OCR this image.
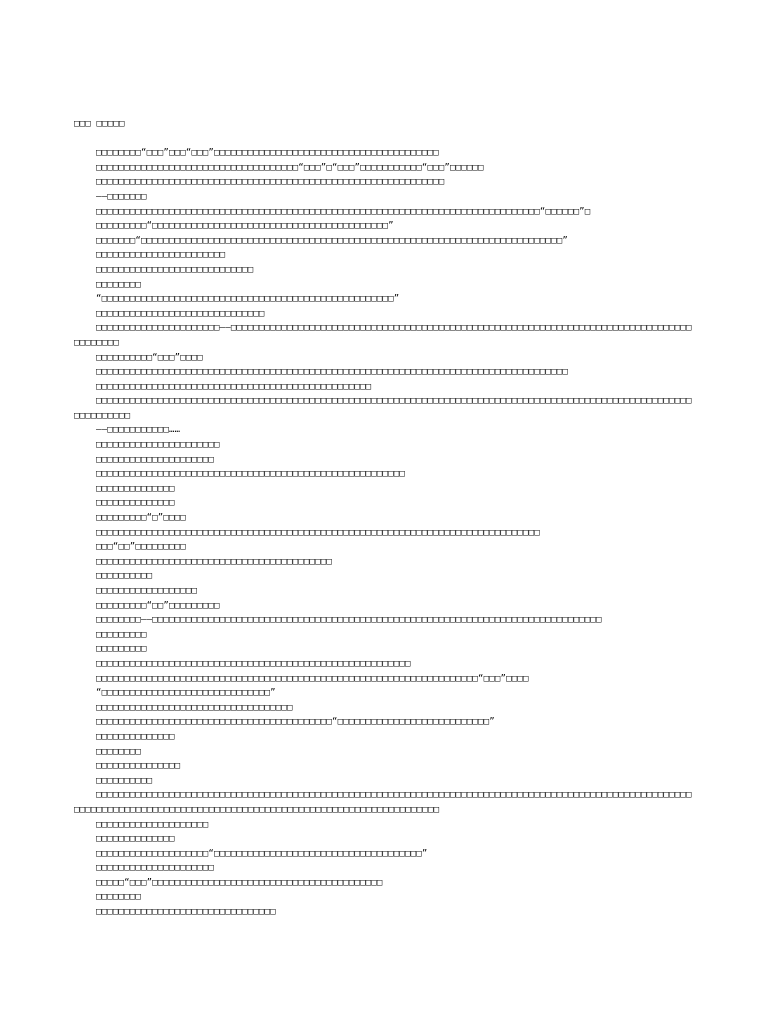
□□□ □□□□□
□□□□□□□□“□□□”□□□“□□□”□□□□□□□□□□□□□□□□□□□□□□□□□□□□□□□□□□□□□□□□
□□□□□□□□□□□□□□□□□□□□□□□□□□□□□□□□□□□□“□□□”□“□□□”□□□□□□□□□□□“□□□”□□□□□□
□□□□□□□□□□□□□□□□□□□□□□□□□□□□□□□□□□□□□□□□□□□□□□□□□□□□□□□□□□□□□□
——□□□□□□□
□□□□□□□□□□□□□□□□□□□□□□□□□□□□□□□□□□□□□□□□□□□□□□□□□□□□□□□□□□□□□□□□□□□□□□□□□□□□□□□“□□□□□□”□
□□□□□□□□□“□□□□□□□□□□□□□□□□□□□□□□□□□□□□□□□□□□□□□□□□□□”
□□□□□□□“□□□□□□□□□□□□□□□□□□□□□□□□□□□□□□□□□□□□□□□□□□□□□□□□□□□□□□□□□□□□□□□□□□□□□□□□□□□”
□□□□□□□□□□□□□□□□□□□□□□□
□□□□□□□□□□□□□□□□□□□□□□□□□□□□
□□□□□□□□
“□□□□□□□□□□□□□□□□□□□□□□□□□□□□□□□□□□□□□□□□□□□□□□□□□□□□”
□□□□□□□□□□□□□□□□□□□□□□□□□□□□□□
□□□□□□□□□□□□□□□□□□□□□□——□□□□□□□□□□□□□□□□□□□□□□□□□□□□□□□□□□□□□□□□□□□□□□□□□□□□□□□□□□□□□□□□□□□□□□□□□□□□□□□□□□□□□□□□□□
□□□□□□□□□□“□□□”□□□□
□□□□□□□□□□□□□□□□□□□□□□□□□□□□□□□□□□□□□□□□□□□□□□□□□□□□□□□□□□□□□□□□□□□□□□□□□□□□□□□□□□□□
□□□□□□□□□□□□□□□□□□□□□□□□□□□□□□□□□□□□□□□□□□□□□□□□□
□□□□□□□□□□□□□□□□□□□□□□□□□□□□□□□□□□□□□□□□□□□□□□□□□□□□□□□□□□□□□□□□□□□□□□□□□□□□□□□□□□□□□□□□□□□□□□□□□□□□□□□□□□□□□□□□□□□□
——□□□□□□□□□□□……
□□□□□□□□□□□□□□□□□□□□□□
□□□□□□□□□□□□□□□□□□□□□
□□□□□□□□□□□□□□□□□□□□□□□□□□□□□□□□□□□□□□□□□□□□□□□□□□□□□□□
□□□□□□□□□□□□□□
□□□□□□□□□□□□□□
□□□□□□□□□“□”□□□□
□□□□□□□□□□□□□□□□□□□□□□□□□□□□□□□□□□□□□□□□□□□□□□□□□□□□□□□□□□□□□□□□□□□□□□□□□□□□□□□
□□□“□□”□□□□□□□□□
□□□□□□□□□□□□□□□□□□□□□□□□□□□□□□□□□□□□□□□□□□
□□□□□□□□□□
□□□□□□□□□□□□□□□□□□
□□□□□□□□□“□□”□□□□□□□□□
□□□□□□□□——□□□□□□□□□□□□□□□□□□□□□□□□□□□□□□□□□□□□□□□□□□□□□□□□□□□□□□□□□□□□□□□□□□□□□□□□□□□□□□□□
□□□□□□□□□
□□□□□□□□□
□□□□□□□□□□□□□□□□□□□□□□□□□□□□□□□□□□□□□□□□□□□□□□□□□□□□□□□□
□□□□□□□□□□□□□□□□□□□□□□□□□□□□□□□□□□□□□□□□□□□□□□□□□□□□□□□□□□□□□□□□□□□□“□□□”□□□□
“□□□□□□□□□□□□□□□□□□□□□□□□□□□□□□”
□□□□□□□□□□□□□□□□□□□□□□□□□□□□□□□□□□□
□□□□□□□□□□□□□□□□□□□□□□□□□□□□□□□□□□□□□□□□□□“□□□□□□□□□□□□□□□□□□□□□□□□□□□”
□□□□□□□□□□□□□□
□□□□□□□□
□□□□□□□□□□□□□□□
□□□□□□□□□□
□□□□□□□□□□□□□□□□□□□□□□□□□□□□□□□□□□□□□□□□□□□□□□□□□□□□□□□□□□□□□□□□□□□□□□□□□□□□□□□□□□□□□□□□□□□□□□□□□□□□□□□□□□□□□□□□□□□□□□□□□□□□□□□□□□□□□□□□□□□□□□□□□□□□□□□□□□□□□□□□□□□□□□□□□□□
□□□□□□□□□□□□□□□□□□□□
□□□□□□□□□□□□□□
□□□□□□□□□□□□□□□□□□□□“□□□□□□□□□□□□□□□□□□□□□□□□□□□□□□□□□□□□□”
□□□□□□□□□□□□□□□□□□□□□
□□□□□“□□□”□□□□□□□□□□□□□□□□□□□□□□□□□□□□□□□□□□□□□□□□□
□□□□□□□□
□□□□□□□□□□□□□□□□□□□□□□□□□□□□□□□□
